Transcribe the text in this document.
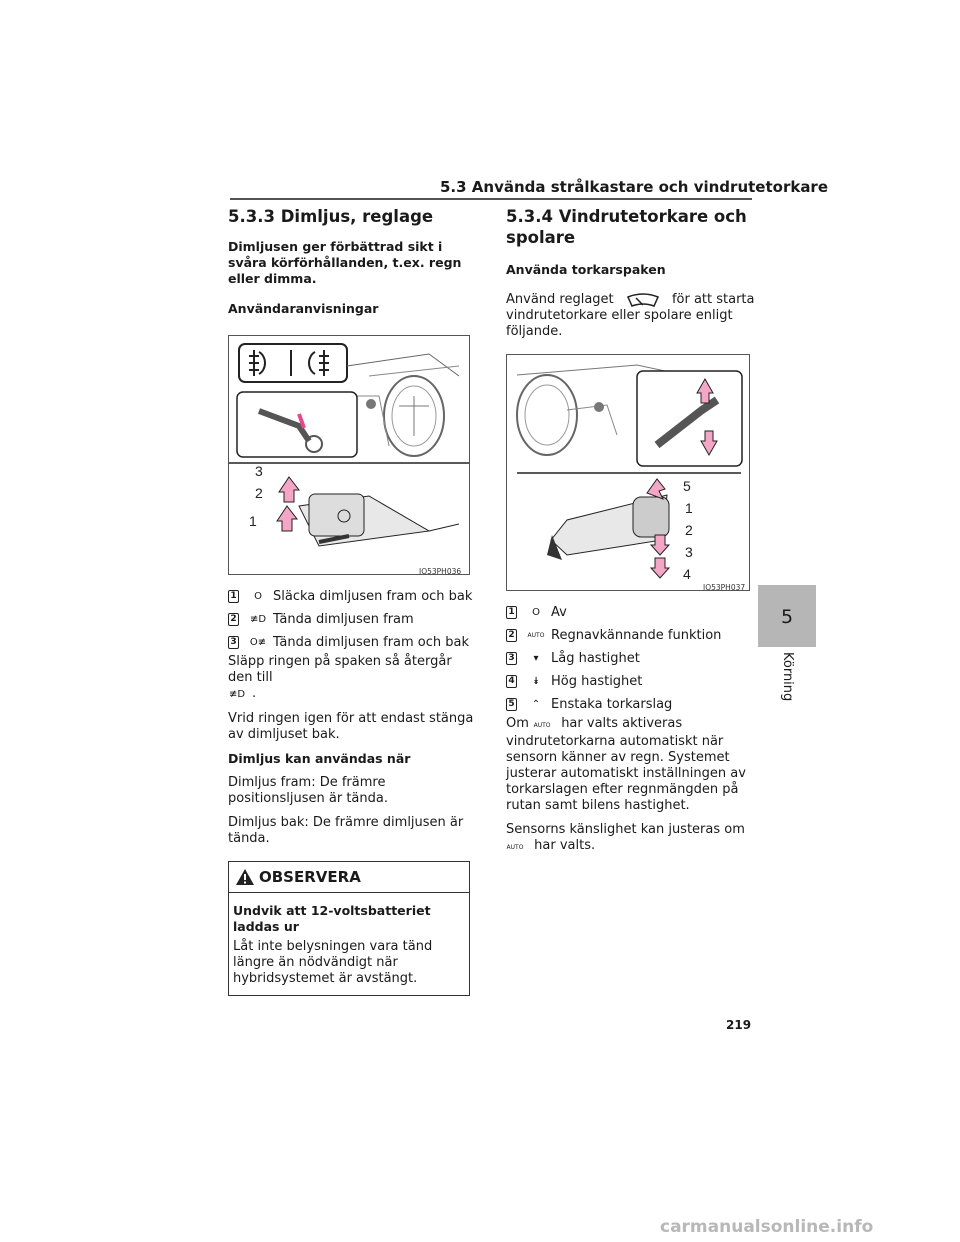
5.3 Använda strålkastare och vindrutetorkare
5
Körning
5.3.3 Dimljus, reglage

Dimljusen ger förbättrad sikt i svåra körförhållanden, t.ex. regn eller dimma.

Användaranvisningar

3
2
1
IO53PH036
1	O Släcka dimljusen fram och bak
2 ≢D Tända dimljusen fram
3 O≢ Tända dimljusen fram och bak

Släpp ringen på spaken så återgår den till
≢D .

Vrid ringen igen för att endast stänga av dimljuset bak.

Dimljus kan användas när

Dimljus fram: De främre positionsljusen är tända.

Dimljus bak: De främre dimljusen är tända.

OBSERVERA

Undvik att 12-voltsbatteriet laddas ur

Låt inte belysningen vara tänd längre än nödvändigt när hybridsystemet är avstängt.

5.3.4 Vindrutetorkare och spolare

Använda torkarspaken

Använd reglaget	för att starta vindrutetorkare eller spolare enligt följande.

5
1
2
3
4
IO53PH037
1	O Av
2	AUTO Regnavkännande funktion
3	▾ Låg hastighet
4	⯯ Hög hastighet
5	⌃ Enstaka torkarslag

Om AUTO har valts aktiveras vindrutetorkarna automatiskt när sensorn känner av regn. Systemet justerar automatiskt inställningen av torkarslagen efter regnmängden på rutan samt bilens hastighet.

Sensorns känslighet kan justeras om AUTO har valts.

219
carmanualsonline.info
